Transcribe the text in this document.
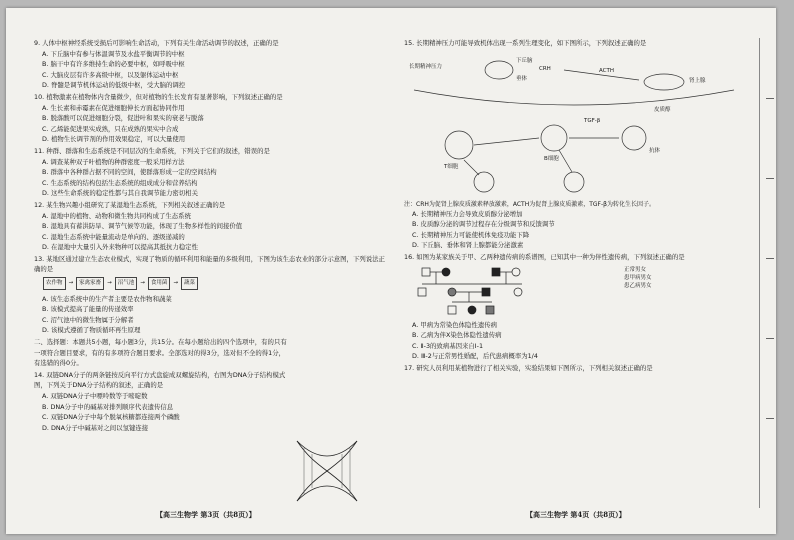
9. 人体中枢神经系统受损后可影响生命活动，下列有关生命活动调节的叙述，正确的是
A. 下丘脑中有参与体温调节及水盐平衡调节的中枢
B. 脑干中有许多维持生命的必要中枢，如呼吸中枢
C. 大脑皮层有许多高级中枢，以及躯体运动中枢
D. 脊髓是调节机体运动的低级中枢，受大脑的调控
10. 植物激素在植物体内含量微少，但对植物的生长发育有显著影响，下列叙述正确的是
A. 生长素和赤霉素在促进细胞伸长方面起协同作用
B. 脱落酸可以促进细胞分裂，促进叶和果实的衰老与脱落
C. 乙烯能促进果实成熟，只在成熟的果实中合成
D. 植物生长调节剂的作用效果稳定，可以大量使用
11. 种群、群落和生态系统是不同层次的生命系统，下列关于它们的叙述，错误的是
A. 调查某种双子叶植物的种群密度一般采用样方法
B. 群落中各种群占据不同的空间，使群落形成一定的空间结构
C. 生态系统的结构包括生态系统的组成成分和营养结构
D. 这些生命系统的稳定性都与其自我调节能力密切相关
12. 某生物兴趣小组研究了某湿地生态系统，下列相关叙述正确的是
A. 湿地中的植物、动物和微生物共同构成了生态系统
B. 湿地具有蓄洪防旱、调节气候等功能，体现了生物多样性的间接价值
C. 湿地生态系统中能量流动是单向的、逐级递减的
D. 在湿地中大量引入外来物种可以提高其抵抗力稳定性
13. 某地区通过建立生态农业模式，实现了物质的循环利用和能量的多级利用，下图为该生态农业的部分示意图，下列说法正确的是
农作物	→	家禽家畜	→	沼气池	→	食用菌	→	蔬菜
A. 该生态系统中的生产者主要是农作物和蔬菜
B. 该模式提高了能量的传递效率
C. 沼气池中的微生物属于分解者
D. 该模式遵循了物质循环再生原理
二、选择题：本题共5小题，每小题3分，共15分。在每小题给出的四个选项中，有的只有一项符合题目要求，有的有多项符合题目要求。全部选对的得3分，选对但不全的得1分，有选错的得0分。
14. 双链DNA分子的两条链按反向平行方式盘旋成双螺旋结构，右图为DNA分子结构模式图，下列关于DNA分子结构的叙述，正确的是
A. 双链DNA分子中嘌呤数等于嘧啶数
B. DNA分子中的碱基对排列顺序代表遗传信息
C. 双链DNA分子中每个脱氧核糖都连接两个磷酸
D. DNA分子中碱基对之间以氢键连接
【高三生物学 第3页（共8页）】
15. 长期精神压力可能导致机体出现一系列生理变化，如下图所示，下列叙述正确的是
长期精神压力
下丘脑
垂体
CRH	ACTH
肾上腺
皮质醇
T细胞
B细胞
抗体
TGF-β
注：CRH为促肾上腺皮质激素释放激素，ACTH为促肾上腺皮质激素，TGF-β为转化生长因子。
A. 长期精神压力会导致皮质醇分泌增加
B. 皮质醇分泌的调节过程存在分级调节和反馈调节
C. 长期精神压力可能使机体免疫功能下降
D. 下丘脑、垂体和肾上腺都能分泌激素
16. 如图为某家族关于甲、乙两种遗传病的系谱图，已知其中一种为伴性遗传病，下列叙述正确的是
正常男女
患甲病男女
患乙病男女
A. 甲病为常染色体隐性遗传病
B. 乙病为伴X染色体隐性遗传病
C. Ⅱ-3的致病基因来自Ⅰ-1
D. Ⅲ-2与正常男性婚配，后代患病概率为1/4
17. 研究人员利用某植物进行了相关实验，实验结果如下图所示，下列相关叙述正确的是
【高三生物学 第4页（共8页）】
